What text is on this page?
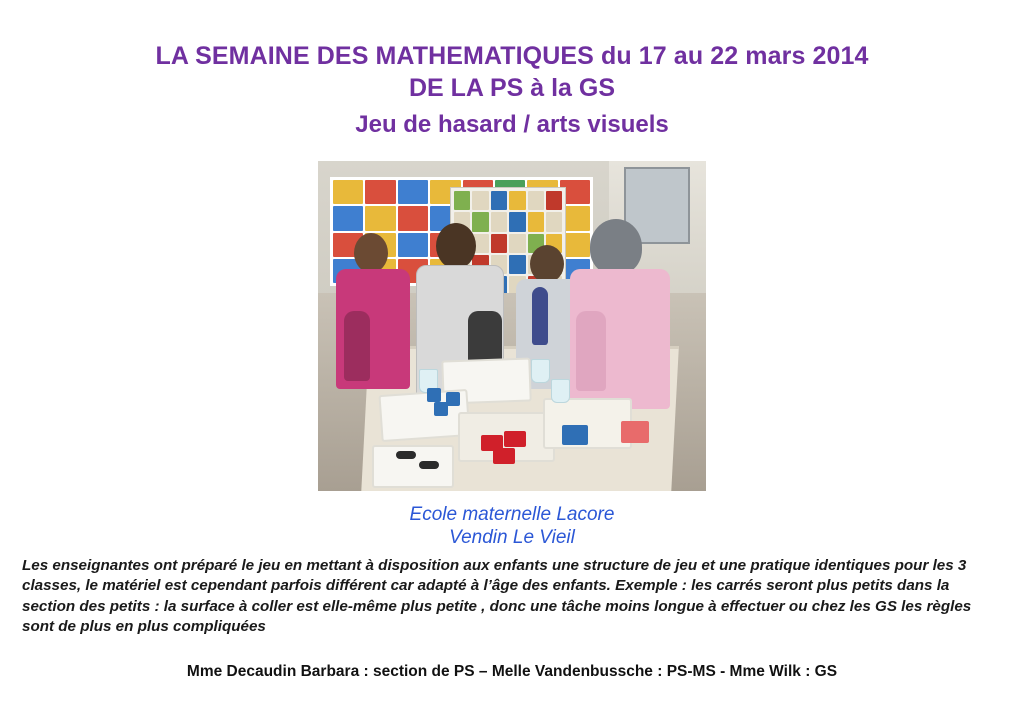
LA SEMAINE DES MATHEMATIQUES du 17 au 22 mars 2014
DE LA PS à la GS
Jeu de hasard / arts visuels
Ecole maternelle Lacore
Vendin Le Vieil
Les enseignantes ont préparé le jeu en mettant à disposition aux enfants une structure de jeu et une pratique identiques pour les 3 classes, le matériel est cependant parfois différent car adapté à l’âge des enfants. Exemple : les carrés seront plus petits dans la section des petits : la surface à coller est elle-même plus petite , donc une tâche moins longue à effectuer ou chez les GS les règles sont de plus en plus compliquées
Mme Decaudin Barbara : section de PS – Melle Vandenbussche : PS-MS - Mme Wilk : GS
